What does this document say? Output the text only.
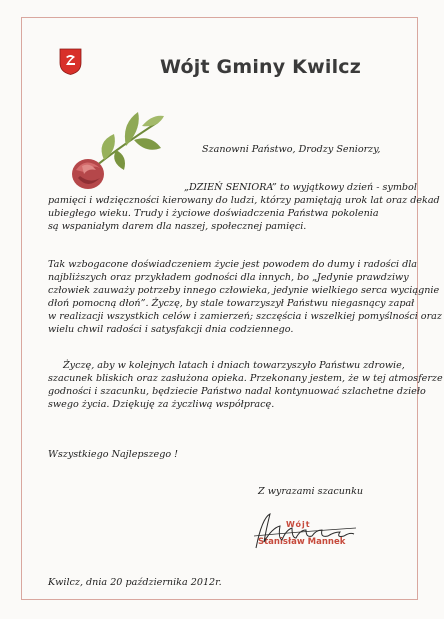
Wójt Gminy Kwilcz
Szanowni Państwo, Drodzy Seniorzy,
„DZIEŃ SENIORA” to wyjątkowy dzień - symbol
pamięci i wdzięczności kierowany do ludzi, którzy pamiętają urok lat oraz dekad
ubiegłego wieku. Trudy i życiowe doświadczenia Państwa pokolenia
są wspaniałym darem dla naszej, społecznej pamięci.
Tak wzbogacone doświadczeniem życie jest powodem do dumy i radości dla
najbliższych oraz przykładem godności dla innych, bo „Jedynie prawdziwy
człowiek zauważy potrzeby innego człowieka, jedynie wielkiego serca wyciągnie
dłoń pomocną dłoń”. Życzę, by stale towarzyszył Państwu niegasnący zapał
w realizacji wszystkich celów i zamierzeń; szczęścia i wszelkiej pomyślności oraz
wielu chwil radości i satysfakcji dnia codziennego.
Życzę, aby w kolejnych latach i dniach towarzyszyło Państwu zdrowie,
szacunek bliskich oraz zasłużona opieka. Przekonany jestem, że w tej atmosferze
godności i szacunku, będziecie Państwo nadal kontynuować szlachetne dzieło
swego życia. Dziękuję za życzliwą współpracę.
Wszystkiego Najlepszego !
Z wyrazami szacunku
Wójt
Stanisław Mannek
Kwilcz, dnia 20 października 2012r.
